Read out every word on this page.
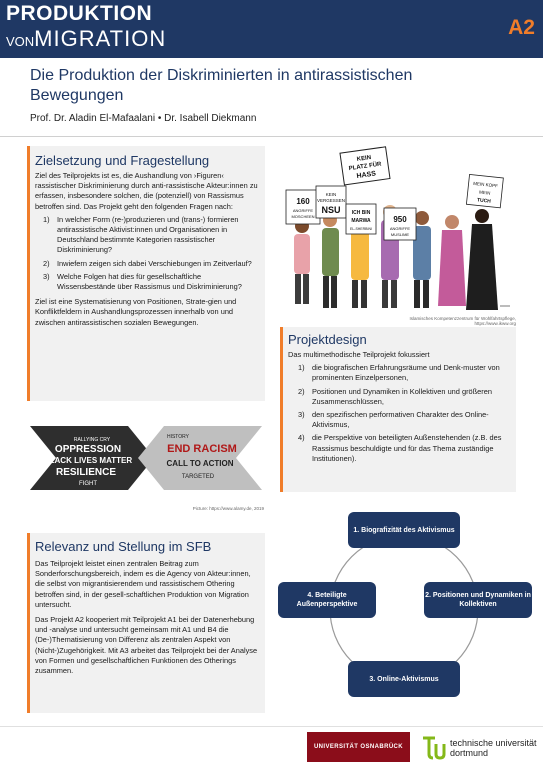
PRODUKTION
VONMIGRATION	A2
Die Produktion der Diskriminierten in antirassistischen Bewegungen
Prof. Dr. Aladin El-Mafaalani • Dr. Isabell Diekmann
Zielsetzung und Fragestellung

Ziel des Teilprojekts ist es, die Aushandlung von ›Figuren‹ rassistischer Diskriminierung durch anti-rassistische Akteur:innen zu erfassen, insbesondere solchen, die (potenziell) von Rassismus betroffen sind. Das Projekt geht den folgenden Fragen nach:

1)	In welcher Form (re-)produzieren und (trans-) formieren antirassistische Aktivist:innen und Organisationen in Deutschland bestimmte Kategorien rassistischer Diskriminierung?
2)	Inwiefern zeigen sich dabei Verschiebungen im Zeitverlauf?
3)	Welche Folgen hat dies für gesellschaftliche Wissensbestände über Rassismus und Diskriminierung?

Ziel ist eine Systematisierung von Positionen, Strate-gien und Konfliktfeldern in Aushandlungsprozessen innerhalb von und zwischen antirassistischen sozialen Bewegungen.

KEIN
PLATZ FÜR
HASS
160
ANGRIFFE
MOSCHEEN
KEIN
VERGESSEN
NSU ICH BIN
MARWA
EL-SHERBINI
950
ANGRIFFE
MUSLIME
MEIN KOPF
MEIN
TUCH
Islamisches Kompetenzzentrum für Wohlfahrtspflege, https://www.ikww.org
Projektdesign

Das multimethodische Teilprojekt fokussiert

1)	die biografischen Erfahrungsräume und Denk-muster von prominenten Einzelpersonen,
2)	Positionen und Dynamiken in Kollektiven und größeren Zusammenschlüssen,
3)	den spezifischen performativen Charakter des Online-Aktivismus,
4)	die Perspektive von beteiligten Außenstehenden (z.B. des Rassismus beschuldigte und für das Thema zuständige Institutionen).
RALLYING CRY
OPPRESSION
BLACK LIVES MATTER
RESILIENCE
FIGHT
END RACISM
CALL TO ACTION
TARGETED
HISTORY
Picture: https://www.alamy.de, 2019
Relevanz und Stellung im SFB

Das Teilprojekt leistet einen zentralen Beitrag zum Sonderforschungsbereich, indem es die Agency von Akteur:innen, die selbst von migrantisierendem und rassistischem Othering betroffen sind, in der gesell-schaftlichen Produktion von Migration untersucht.

Das Projekt A2 kooperiert mit Teilprojekt A1 bei der Datenerhebung und -analyse und untersucht gemeinsam mit A1 und B4 die (De-)Thematisierung von Differenz als zentralen Aspekt von (Nicht-)Zugehörigkeit. Mit A3 arbeitet das Teilprojekt bei der Analyse von Formen und gesellschaftlichen Funktionen des Otherings zusammen.

1. Biografizität des Aktivismus
2. Positionen und Dynamiken in Kollektiven
3. Online-Aktivismus
4. Beteiligte Außenperspektive
UNIVERSITÄT OSNABRÜCK	technische universität
dortmund
